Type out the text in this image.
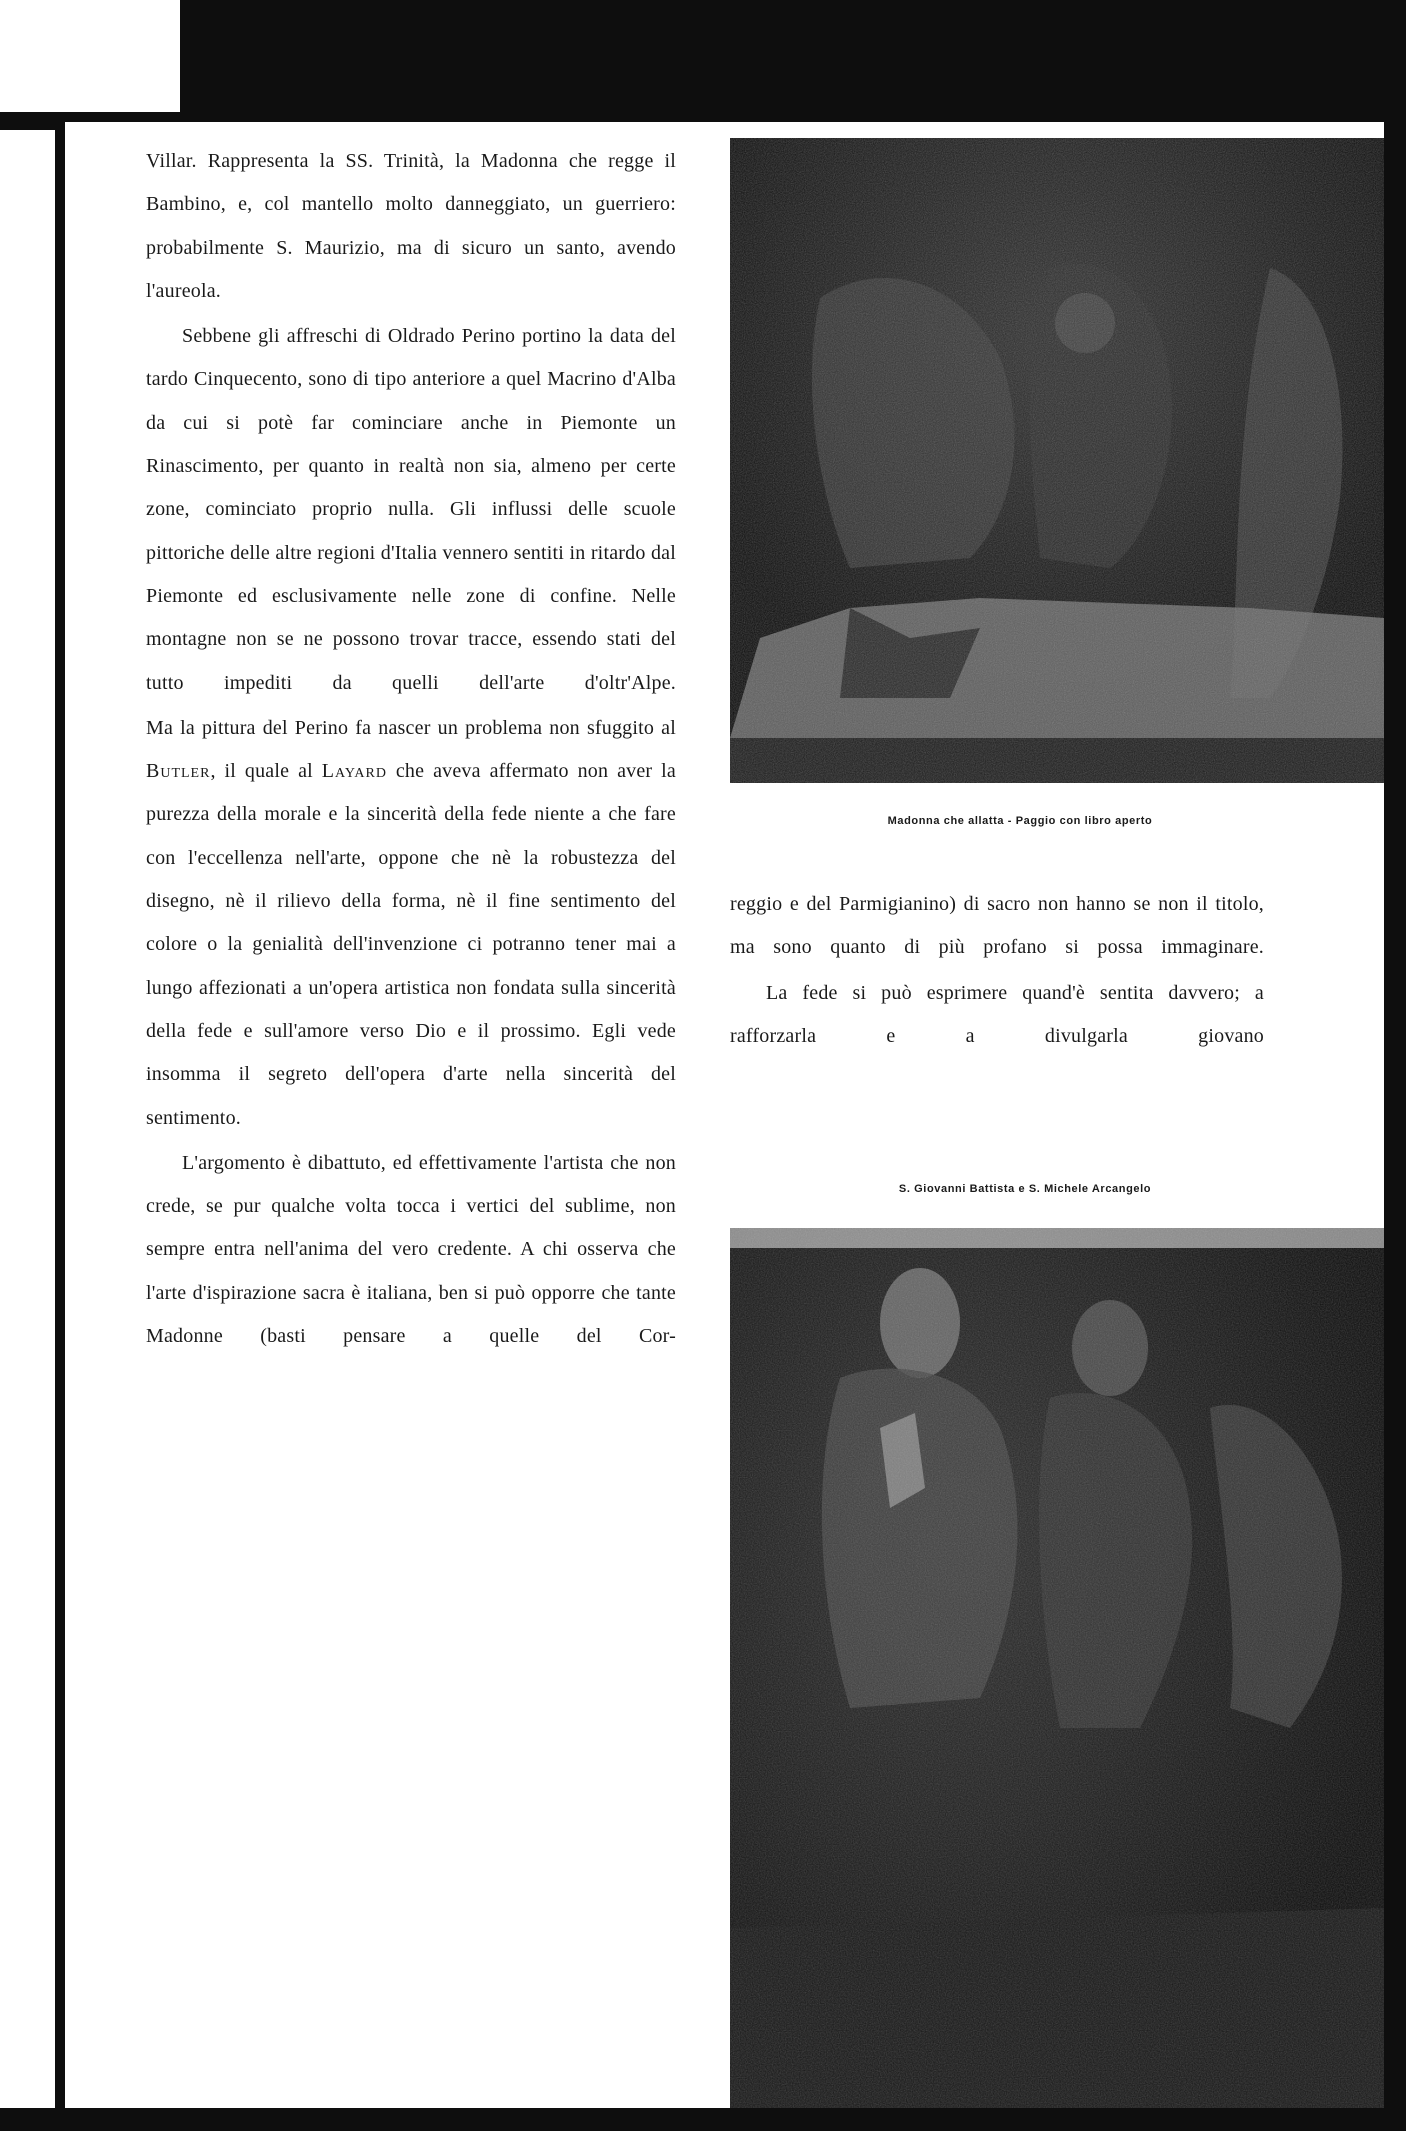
Villar. Rappresenta la SS. Trinità, la Madonna che regge il Bambino, e, col mantello molto danneggiato, un guerriero: probabilmente S. Maurizio, ma di sicuro un santo, avendo l'aureola.

Sebbene gli affreschi di Oldrado Perino portino la data del tardo Cinquecento, sono di tipo anteriore a quel Macrino d'Alba da cui si potè far cominciare anche in Piemonte un Rinascimento, per quanto in realtà non sia, almeno per certe zone, cominciato proprio nulla. Gli influssi delle scuole pittoriche delle altre regioni d'Italia vennero sentiti in ritardo dal Piemonte ed esclusivamente nelle zone di confine. Nelle montagne non se ne possono trovar tracce, essendo stati del tutto impediti da quelli dell'arte d'oltr'Alpe.

Ma la pittura del Perino fa nascer un problema non sfuggito al Butler, il quale al Layard che aveva affermato non aver la purezza della morale e la sincerità della fede niente a che fare con l'eccellenza nell'arte, oppone che nè la robustezza del disegno, nè il rilievo della forma, nè il fine sentimento del colore o la genialità dell'invenzione ci potranno tener mai a lungo affezionati a un'opera artistica non fondata sulla sincerità della fede e sull'amore verso Dio e il prossimo. Egli vede insomma il segreto dell'opera d'arte nella sincerità del sentimento.

L'argomento è dibattuto, ed effettivamente l'artista che non crede, se pur qualche volta tocca i vertici del sublime, non sempre entra nell'anima del vero credente. A chi osserva che l'arte d'ispirazione sacra è italiana, ben si può opporre che tante Madonne (basti pensare a quelle del Cor-

Madonna che allatta - Paggio con libro aperto

reggio e del Parmigianino) di sacro non hanno se non il titolo, ma sono quanto di più profano si possa immaginare.

La fede si può esprimere quand'è sentita davvero; a rafforzarla e a divulgarla giovano

S. Giovanni Battista e S. Michele Arcangelo
